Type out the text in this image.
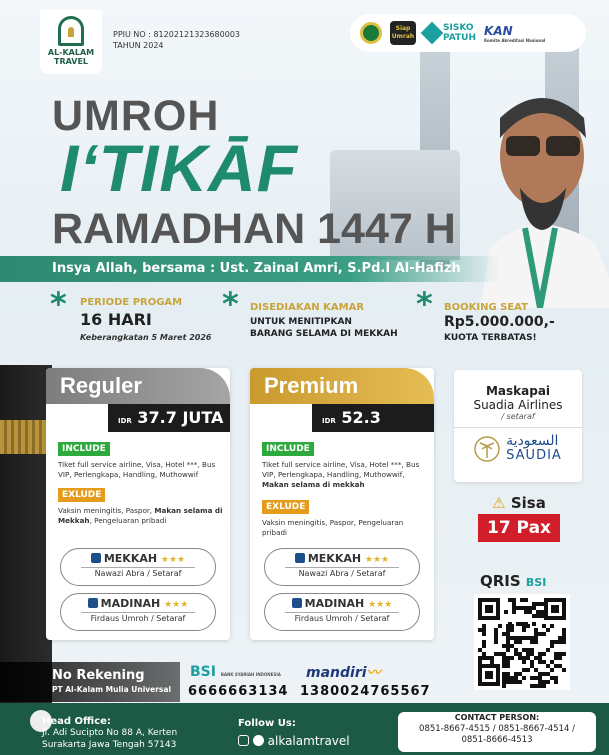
AL-KALAM
TRAVEL
PPIU NO : 81202121323680003
TAHUN 2024
Siap
Umrah
SISKO
PATUH
KAN
Komite Akreditasi Nasional
UMROH
I‘TIKĀF
RAMADHAN 1447 H
Insya Allah, bersama : Ust. Zainal Amri, S.Pd.I Al-Hafizh
* PERIODE PROGAM
16 HARI
Keberangkatan 5 Maret 2026
* DISEDIAKAN KAMAR
UNTUK MENITIPKAN
BARANG SELAMA DI MEKKAH
* BOOKING SEAT
Rp5.000.000,-
KUOTA TERBATAS!
Reguler
IDR 37.7 JUTA
INCLUDE
Tiket full service airline, Visa, Hotel ***, Bus VIP, Perlengkapa, Handling, Muthowwif
EXLUDE
Vaksin meningitis, Paspor, Makan selama di Mekkah, Pengeluaran pribadi
MEKKAH ★★★
Nawazi Abra / Setaraf
MADINAH ★★★
Firdaus Umroh / Setaraf
Premium
IDR 52.3 JUTA QUAD
INCLUDE
Tiket full service airline, Visa, Hotel ***, Bus VIP, Perlengkapa, Handling, Muthowwif, Makan selama di mekkah
EXLUDE
Vaksin meningitis, Paspor, Pengeluaran pribadi
MEKKAH ★★★
Nawazi Abra / Setaraf
MADINAH ★★★
Firdaus Umroh / Setaraf
Maskapai
Suadia Airlines
/ setaraf
السعودية
SAUDIA
⚠ Sisa
17 Pax
QRIS BSI
No Rekening
PT Al-Kalam Mulia Universal
BSI BANK SYARIAH INDONESIA
6666663134
mandiri〰
1380024765567
Head Office:
Jl. Adi Sucipto No 88 A, Kerten
Surakarta Jawa Tengah 57143
Follow Us:
alkalamtravel
CONTACT PERSON:
0851-8667-4515 / 0851-8667-4514 /
0851-8666-4513
